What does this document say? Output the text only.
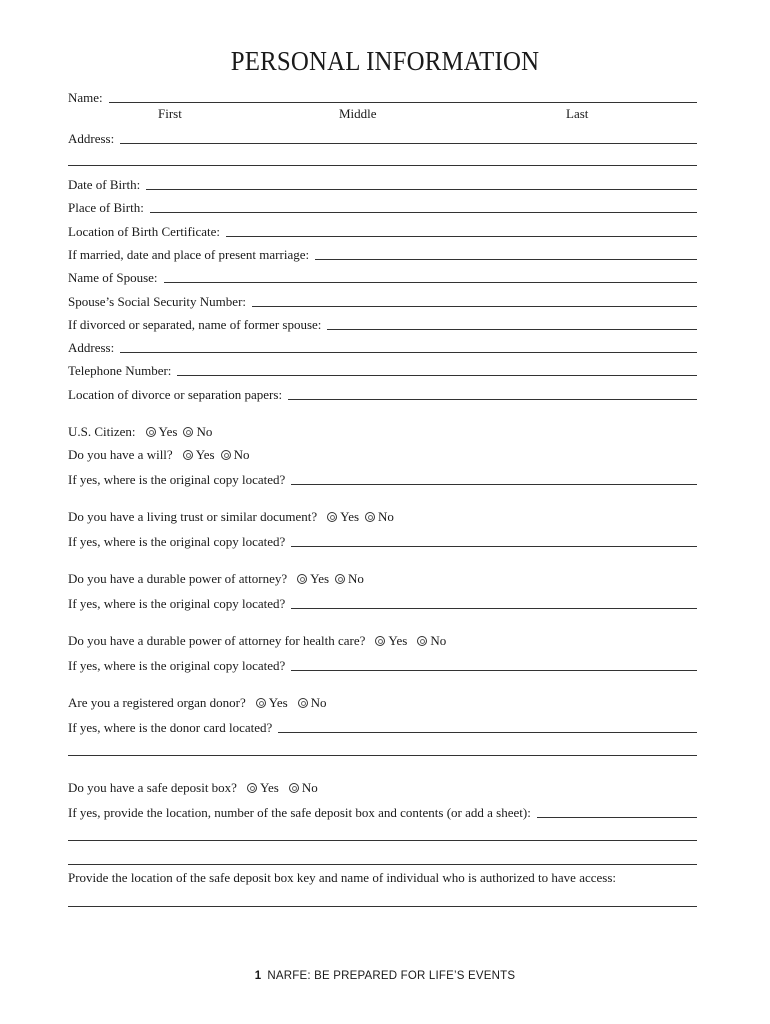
PERSONAL INFORMATION
Name:
First	Middle	Last
Address:
Date of Birth:
Place of Birth:
Location of Birth Certificate:
If married, date and place of present marriage:
Name of Spouse:
Spouse’s Social Security Number:
If divorced or separated, name of former spouse:
Address:
Telephone Number:
Location of divorce or separation papers:
U.S. Citizen: Yes No
Do you have a will? Yes No
If yes, where is the original copy located?
Do you have a living trust or similar document? Yes No
If yes, where is the original copy located?
Do you have a durable power of attorney? Yes No
If yes, where is the original copy located?
Do you have a durable power of attorney for health care? Yes No
If yes, where is the original copy located?
Are you a registered organ donor? Yes No
If yes, where is the donor card located?
Do you have a safe deposit box? Yes No
If yes, provide the location, number of the safe deposit box and contents (or add a sheet):
Provide the location of the safe deposit box key and name of individual who is authorized to have access:
1 NARFE: BE PREPARED FOR LIFE’S EVENTS
